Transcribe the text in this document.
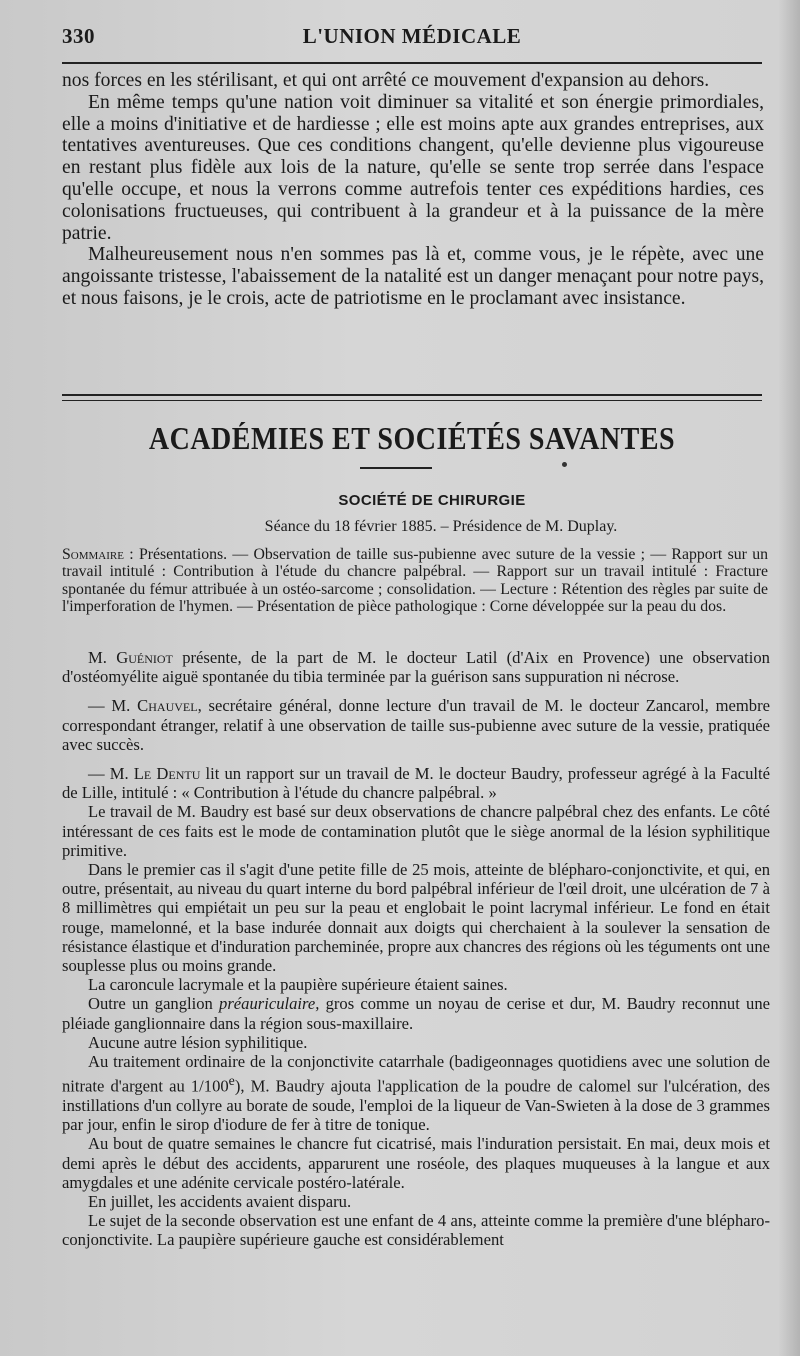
330	L'UNION MÉDICALE

nos forces en les stérilisant, et qui ont arrêté ce mouvement d'expansion au dehors.

En même temps qu'une nation voit diminuer sa vitalité et son énergie primordiales, elle a moins d'initiative et de hardiesse ; elle est moins apte aux grandes entreprises, aux tentatives aventureuses. Que ces conditions changent, qu'elle devienne plus vigoureuse en restant plus fidèle aux lois de la nature, qu'elle se sente trop serrée dans l'espace qu'elle occupe, et nous la verrons comme autrefois tenter ces expéditions hardies, ces colonisations fructueuses, qui contribuent à la grandeur et à la puissance de la mère patrie.

Malheureusement nous n'en sommes pas là et, comme vous, je le répète, avec une angoissante tristesse, l'abaissement de la natalité est un danger menaçant pour notre pays, et nous faisons, je le crois, acte de patriotisme en le proclamant avec insistance.

ACADÉMIES ET SOCIÉTÉS SAVANTES
SOCIÉTÉ DE CHIRURGIE
Séance du 18 février 1885. – Présidence de M. Duplay.
Sommaire : Présentations. — Observation de taille sus-pubienne avec suture de la vessie ; — Rapport sur un travail intitulé : Contribution à l'étude du chancre palpébral. — Rapport sur un travail intitulé : Fracture spontanée du fémur attribuée à un ostéo-sarcome ; consolidation. — Lecture : Rétention des règles par suite de l'imperforation de l'hymen. — Présentation de pièce pathologique : Corne développée sur la peau du dos.

M. Guéniot présente, de la part de M. le docteur Latil (d'Aix en Provence) une observation d'ostéomyélite aiguë spontanée du tibia terminée par la guérison sans suppuration ni nécrose.

— M. Chauvel, secrétaire général, donne lecture d'un travail de M. le docteur Zancarol, membre correspondant étranger, relatif à une observation de taille sus-pubienne avec suture de la vessie, pratiquée avec succès.

— M. Le Dentu lit un rapport sur un travail de M. le docteur Baudry, professeur agrégé à la Faculté de Lille, intitulé : « Contribution à l'étude du chancre palpébral. »

Le travail de M. Baudry est basé sur deux observations de chancre palpébral chez des enfants. Le côté intéressant de ces faits est le mode de contamination plutôt que le siège anormal de la lésion syphilitique primitive.

Dans le premier cas il s'agit d'une petite fille de 25 mois, atteinte de blépharo-conjonctivite, et qui, en outre, présentait, au niveau du quart interne du bord palpébral inférieur de l'œil droit, une ulcération de 7 à 8 millimètres qui empiétait un peu sur la peau et englobait le point lacrymal inférieur. Le fond en était rouge, mamelonné, et la base indurée donnait aux doigts qui cherchaient à la soulever la sensation de résistance élastique et d'induration parcheminée, propre aux chancres des régions où les téguments ont une souplesse plus ou moins grande.

La caroncule lacrymale et la paupière supérieure étaient saines.

Outre un ganglion préauriculaire, gros comme un noyau de cerise et dur, M. Baudry reconnut une pléiade ganglionnaire dans la région sous-maxillaire.

Aucune autre lésion syphilitique.

Au traitement ordinaire de la conjonctivite catarrhale (badigeonnages quotidiens avec une solution de nitrate d'argent au 1/100e), M. Baudry ajouta l'application de la poudre de calomel sur l'ulcération, des instillations d'un collyre au borate de soude, l'emploi de la liqueur de Van-Swieten à la dose de 3 grammes par jour, enfin le sirop d'iodure de fer à titre de tonique.

Au bout de quatre semaines le chancre fut cicatrisé, mais l'induration persistait. En mai, deux mois et demi après le début des accidents, apparurent une roséole, des plaques muqueuses à la langue et aux amygdales et une adénite cervicale postéro-latérale.

En juillet, les accidents avaient disparu.

Le sujet de la seconde observation est une enfant de 4 ans, atteinte comme la première d'une blépharo-conjonctivite. La paupière supérieure gauche est considérablement
